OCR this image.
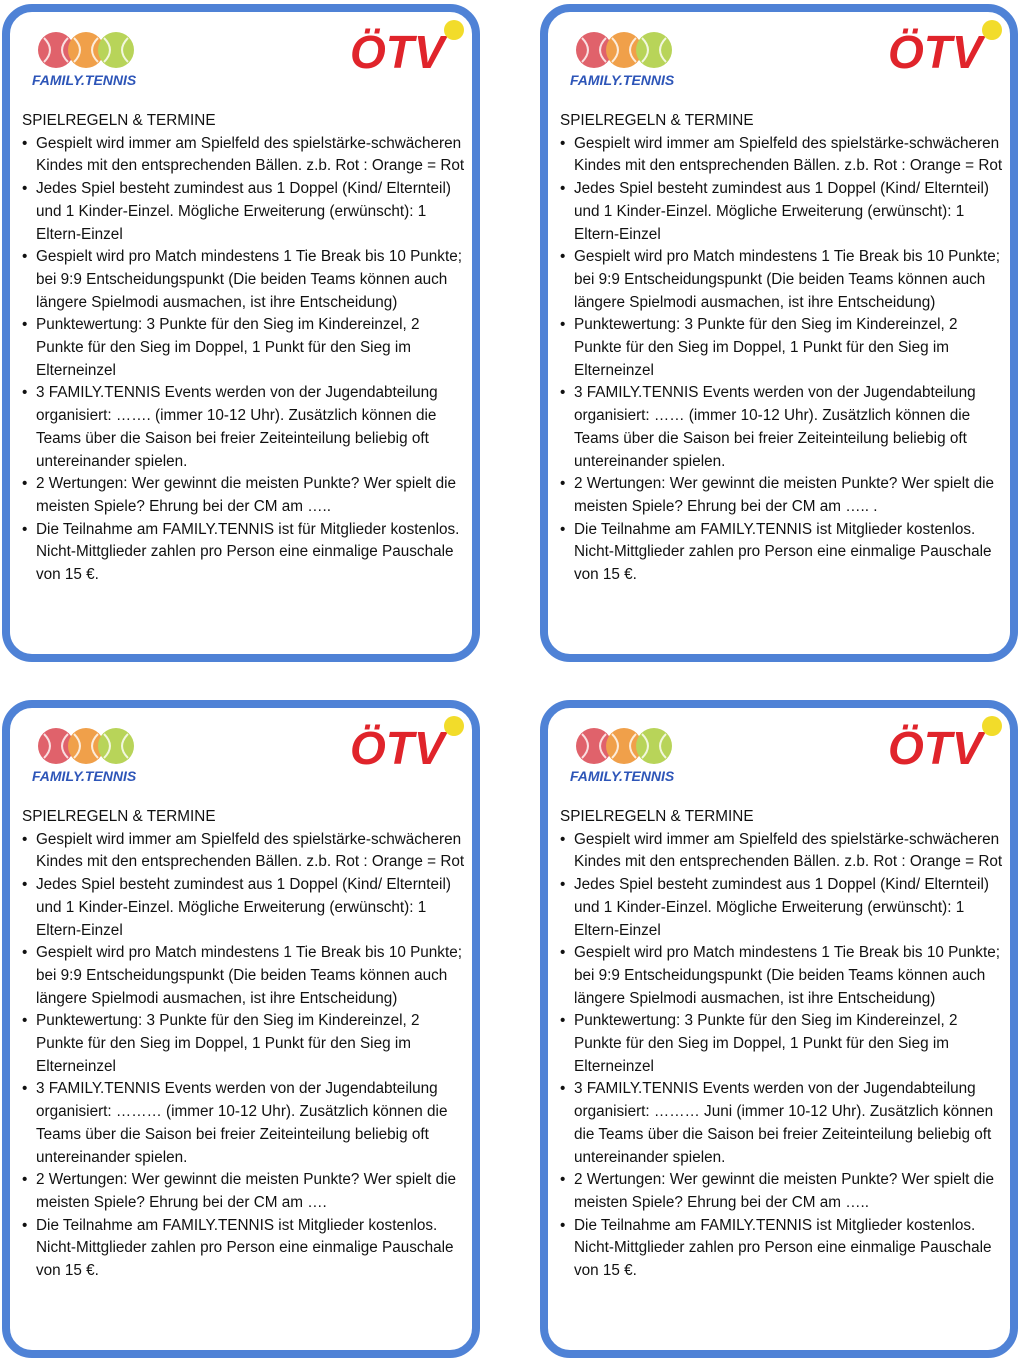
FAMILY.TENNIS
ÖTV
SPIELREGELN & TERMINE
• Gespielt wird immer am Spielfeld des spielstärke-schwächeren Kindes mit den entsprechenden Bällen. z.b. Rot : Orange = Rot
• Jedes Spiel besteht zumindest aus 1 Doppel (Kind/ Elternteil) und 1 Kinder-Einzel. Mögliche Erweiterung (erwünscht): 1 Eltern-Einzel
• Gespielt wird pro Match mindestens 1 Tie Break bis 10 Punkte; bei 9:9 Entscheidungspunkt (Die beiden Teams können auch längere Spielmodi ausmachen, ist ihre Entscheidung)
• Punktewertung: 3 Punkte für den Sieg im Kindereinzel, 2 Punkte für den Sieg im Doppel, 1 Punkt für den Sieg im Elterneinzel
• 3 FAMILY.TENNIS Events werden von der Jugendabteilung organisiert: ……. (immer 10-12 Uhr). Zusätzlich können die Teams über die Saison bei freier Zeiteinteilung beliebig oft untereinander spielen.
• 2 Wertungen: Wer gewinnt die meisten Punkte? Wer spielt die meisten Spiele? Ehrung bei der CM am …..
• Die Teilnahme am FAMILY.TENNIS ist für Mitglieder kostenlos. Nicht-Mittglieder zahlen pro Person eine einmalige Pauschale von 15 €.
FAMILY.TENNIS
ÖTV
SPIELREGELN & TERMINE
• Gespielt wird immer am Spielfeld des spielstärke-schwächeren Kindes mit den entsprechenden Bällen. z.b. Rot : Orange = Rot
• Jedes Spiel besteht zumindest aus 1 Doppel (Kind/ Elternteil) und 1 Kinder-Einzel. Mögliche Erweiterung (erwünscht): 1 Eltern-Einzel
• Gespielt wird pro Match mindestens 1 Tie Break bis 10 Punkte; bei 9:9 Entscheidungspunkt (Die beiden Teams können auch längere Spielmodi ausmachen, ist ihre Entscheidung)
• Punktewertung: 3 Punkte für den Sieg im Kindereinzel, 2 Punkte für den Sieg im Doppel, 1 Punkt für den Sieg im Elterneinzel
• 3 FAMILY.TENNIS Events werden von der Jugendabteilung organisiert: …… (immer 10-12 Uhr). Zusätzlich können die Teams über die Saison bei freier Zeiteinteilung beliebig oft untereinander spielen.
• 2 Wertungen: Wer gewinnt die meisten Punkte? Wer spielt die meisten Spiele? Ehrung bei der CM am ….. .
• Die Teilnahme am FAMILY.TENNIS ist Mitglieder kostenlos. Nicht-Mittglieder zahlen pro Person eine einmalige Pauschale von 15 €.
FAMILY.TENNIS
ÖTV
SPIELREGELN & TERMINE
• Gespielt wird immer am Spielfeld des spielstärke-schwächeren Kindes mit den entsprechenden Bällen. z.b. Rot : Orange = Rot
• Jedes Spiel besteht zumindest aus 1 Doppel (Kind/ Elternteil) und 1 Kinder-Einzel. Mögliche Erweiterung (erwünscht): 1 Eltern-Einzel
• Gespielt wird pro Match mindestens 1 Tie Break bis 10 Punkte; bei 9:9 Entscheidungspunkt (Die beiden Teams können auch längere Spielmodi ausmachen, ist ihre Entscheidung)
• Punktewertung: 3 Punkte für den Sieg im Kindereinzel, 2 Punkte für den Sieg im Doppel, 1 Punkt für den Sieg im Elterneinzel
• 3 FAMILY.TENNIS Events werden von der Jugendabteilung organisiert: ……… (immer 10-12 Uhr). Zusätzlich können die Teams über die Saison bei freier Zeiteinteilung beliebig oft untereinander spielen.
• 2 Wertungen: Wer gewinnt die meisten Punkte? Wer spielt die meisten Spiele? Ehrung bei der CM am ….
• Die Teilnahme am FAMILY.TENNIS ist Mitglieder kostenlos. Nicht-Mittglieder zahlen pro Person eine einmalige Pauschale von 15 €.
FAMILY.TENNIS
ÖTV
SPIELREGELN & TERMINE
• Gespielt wird immer am Spielfeld des spielstärke-schwächeren Kindes mit den entsprechenden Bällen. z.b. Rot : Orange = Rot
• Jedes Spiel besteht zumindest aus 1 Doppel (Kind/ Elternteil) und 1 Kinder-Einzel. Mögliche Erweiterung (erwünscht): 1 Eltern-Einzel
• Gespielt wird pro Match mindestens 1 Tie Break bis 10 Punkte; bei 9:9 Entscheidungspunkt (Die beiden Teams können auch längere Spielmodi ausmachen, ist ihre Entscheidung)
• Punktewertung: 3 Punkte für den Sieg im Kindereinzel, 2 Punkte für den Sieg im Doppel, 1 Punkt für den Sieg im Elterneinzel
• 3 FAMILY.TENNIS Events werden von der Jugendabteilung organisiert: ……… Juni (immer 10-12 Uhr). Zusätzlich können die Teams über die Saison bei freier Zeiteinteilung beliebig oft untereinander spielen.
• 2 Wertungen: Wer gewinnt die meisten Punkte? Wer spielt die meisten Spiele? Ehrung bei der CM am …..
• Die Teilnahme am FAMILY.TENNIS ist Mitglieder kostenlos. Nicht-Mittglieder zahlen pro Person eine einmalige Pauschale von 15 €.
